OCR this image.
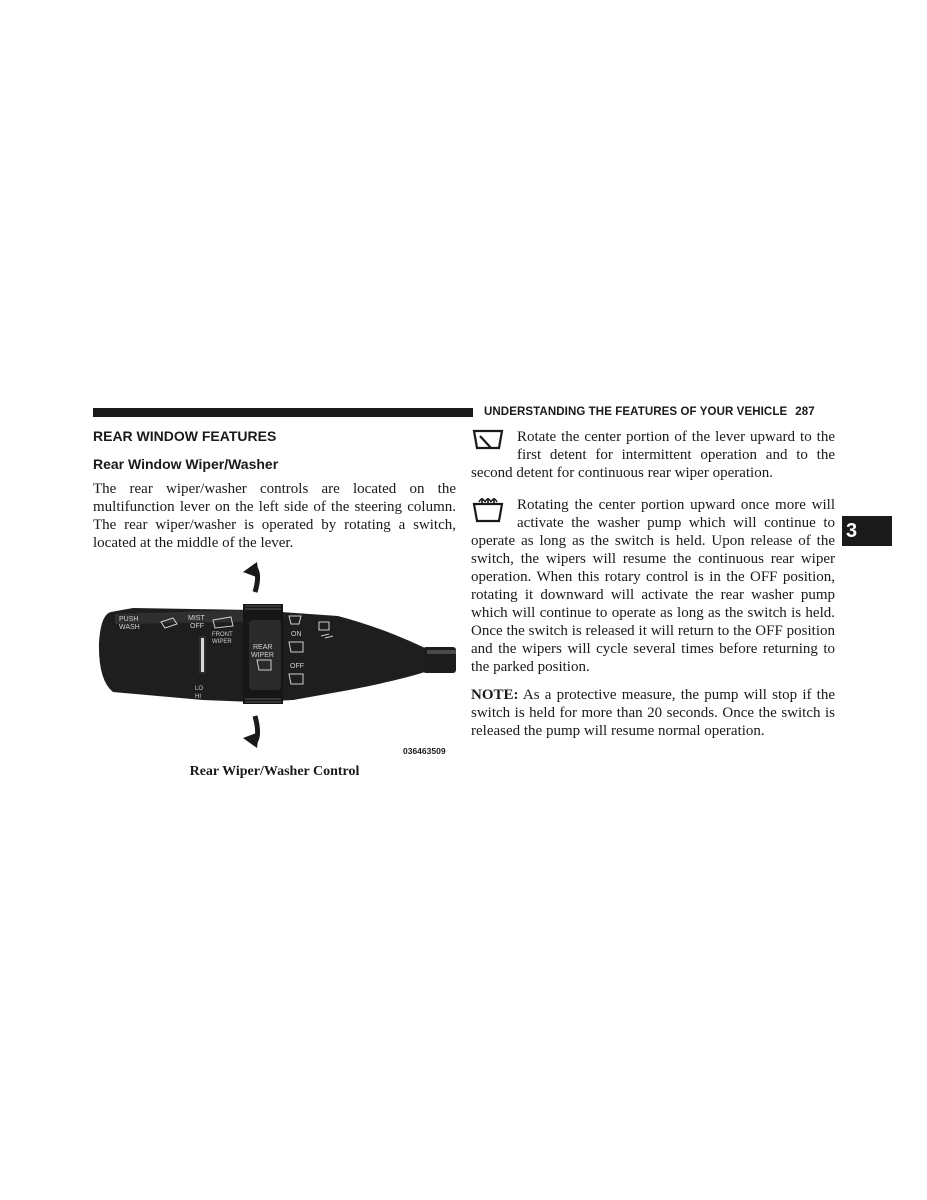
UNDERSTANDING THE FEATURES OF YOUR VEHICLE 287
3
REAR WINDOW FEATURES
Rear Window Wiper/Washer

The rear wiper/washer controls are located on the multifunction lever on the left side of the steering column. The rear wiper/washer is operated by rotating a switch, located at the middle of the lever.

PUSH
WASH
MIST
OFF
FRONT
WIPER
REAR
WIPER
ON
OFF
LO
HI
036463509
Rear Wiper/Washer Control

Rotate the center portion of the lever upward to the first detent for intermittent operation and to the second detent for continuous rear wiper operation.

Rotating the center portion upward once more will activate the washer pump which will continue to operate as long as the switch is held. Upon release of the switch, the wipers will resume the continuous rear wiper operation. When this rotary control is in the OFF position, rotating it downward will activate the rear washer pump which will continue to operate as long as the switch is held. Once the switch is released it will return to the OFF position and the wipers will cycle several times before returning to the parked position.

NOTE: As a protective measure, the pump will stop if the switch is held for more than 20 seconds. Once the switch is released the pump will resume normal operation.
